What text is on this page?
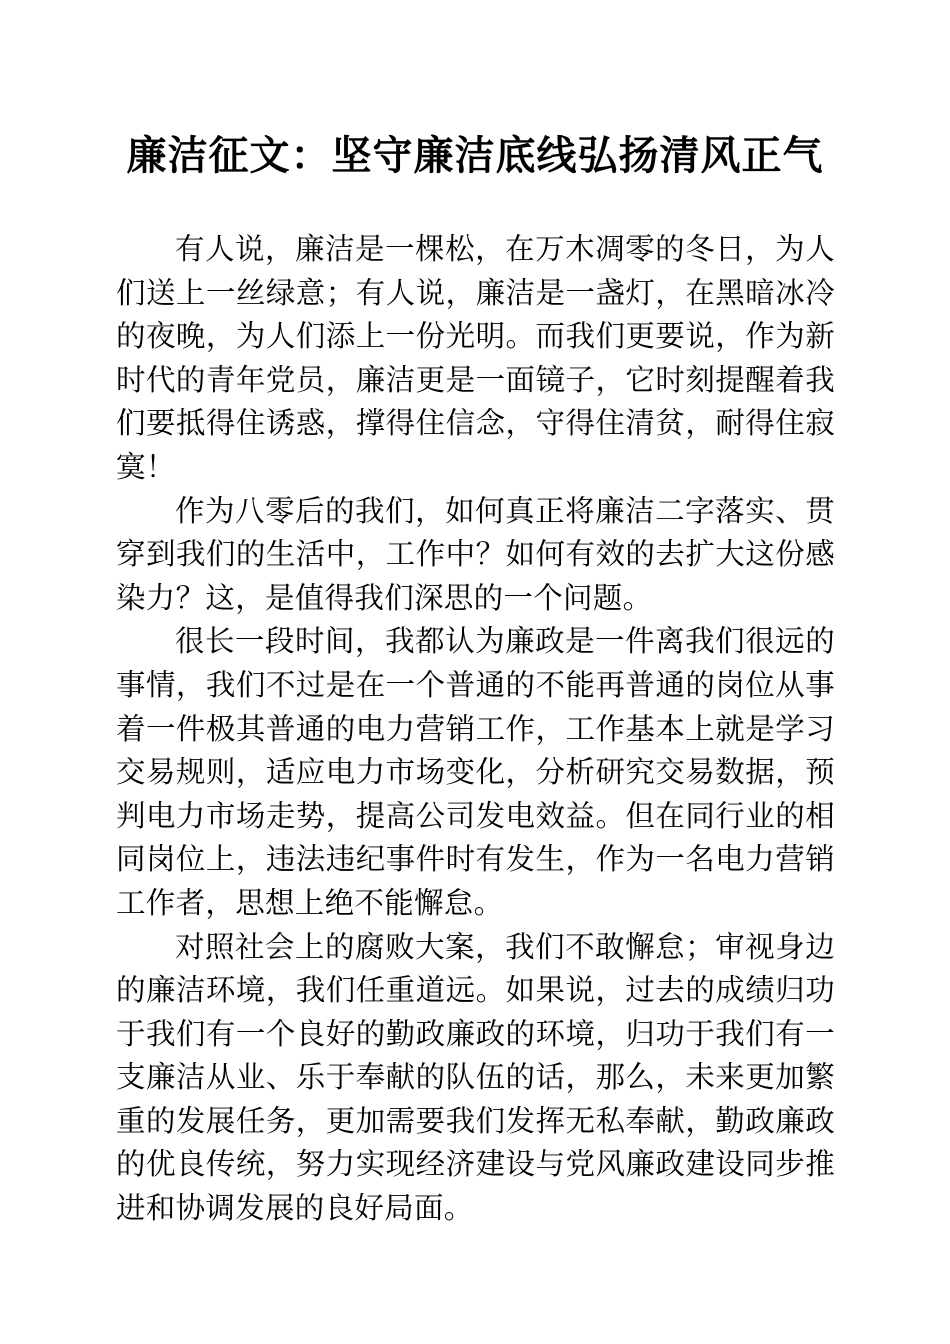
廉洁征文：坚守廉洁底线弘扬清风正气

有人说，廉洁是一棵松，在万木凋零的冬日，为人们送上一丝绿意；有人说，廉洁是一盏灯，在黑暗冰冷的夜晚，为人们添上一份光明。而我们更要说，作为新时代的青年党员，廉洁更是一面镜子，它时刻提醒着我们要抵得住诱惑，撑得住信念，守得住清贫，耐得住寂寞！

作为八零后的我们，如何真正将廉洁二字落实、贯穿到我们的生活中，工作中？如何有效的去扩大这份感染力？这，是值得我们深思的一个问题。

很长一段时间，我都认为廉政是一件离我们很远的事情，我们不过是在一个普通的不能再普通的岗位从事着一件极其普通的电力营销工作，工作基本上就是学习交易规则，适应电力市场变化，分析研究交易数据，预判电力市场走势，提高公司发电效益。但在同行业的相同岗位上，违法违纪事件时有发生，作为一名电力营销工作者，思想上绝不能懈怠。

对照社会上的腐败大案，我们不敢懈怠；审视身边的廉洁环境，我们任重道远。如果说，过去的成绩归功于我们有一个良好的勤政廉政的环境，归功于我们有一支廉洁从业、乐于奉献的队伍的话，那么，未来更加繁重的发展任务，更加需要我们发挥无私奉献，勤政廉政的优良传统，努力实现经济建设与党风廉政建设同步推进和协调发展的良好局面。
